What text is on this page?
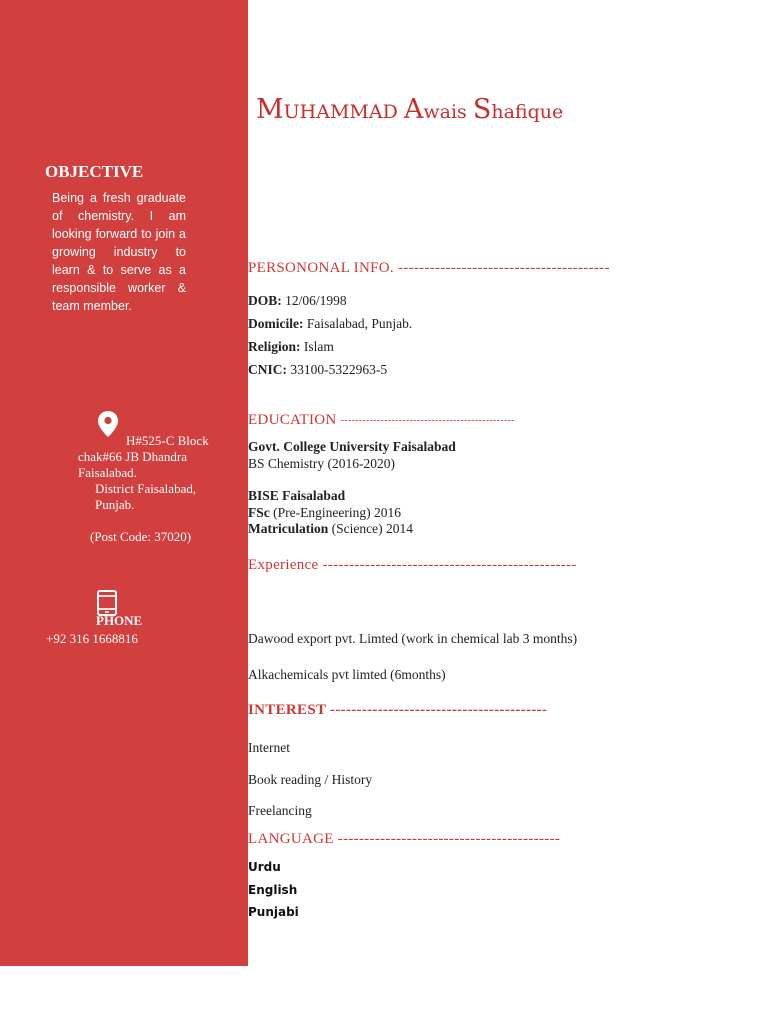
MUHAMMAD Awais Shafique
OBJECTIVE
Being a fresh graduate of chemistry. I am looking forward to join a growing industry to learn & to serve as a responsible worker & team member.
H#525-C Block
chak#66 JB Dhandra
Faisalabad.
District Faisalabad,
Punjab.
(Post Code: 37020)
PHONE
+92 316 1668816
PERSONONAL INFO. ----------------------------------------
DOB: 12/06/1998
Domicile: Faisalabad, Punjab.
Religion: Islam
CNIC: 33100-5322963-5
EDUCATION ------------------------------------------------
Govt. College University Faisalabad
BS Chemistry (2016-2020)
BISE Faisalabad
FSc (Pre-Engineering) 2016
Matriculation (Science) 2014
Experience ------------------------------------------------
Dawood export pvt. Limted (work in chemical lab 3 months)
Alkachemicals pvt limted (6months)
INTEREST -----------------------------------------
Internet
Book reading / History
Freelancing
LANGUAGE ------------------------------------------
Urdu
English
Punjabi
